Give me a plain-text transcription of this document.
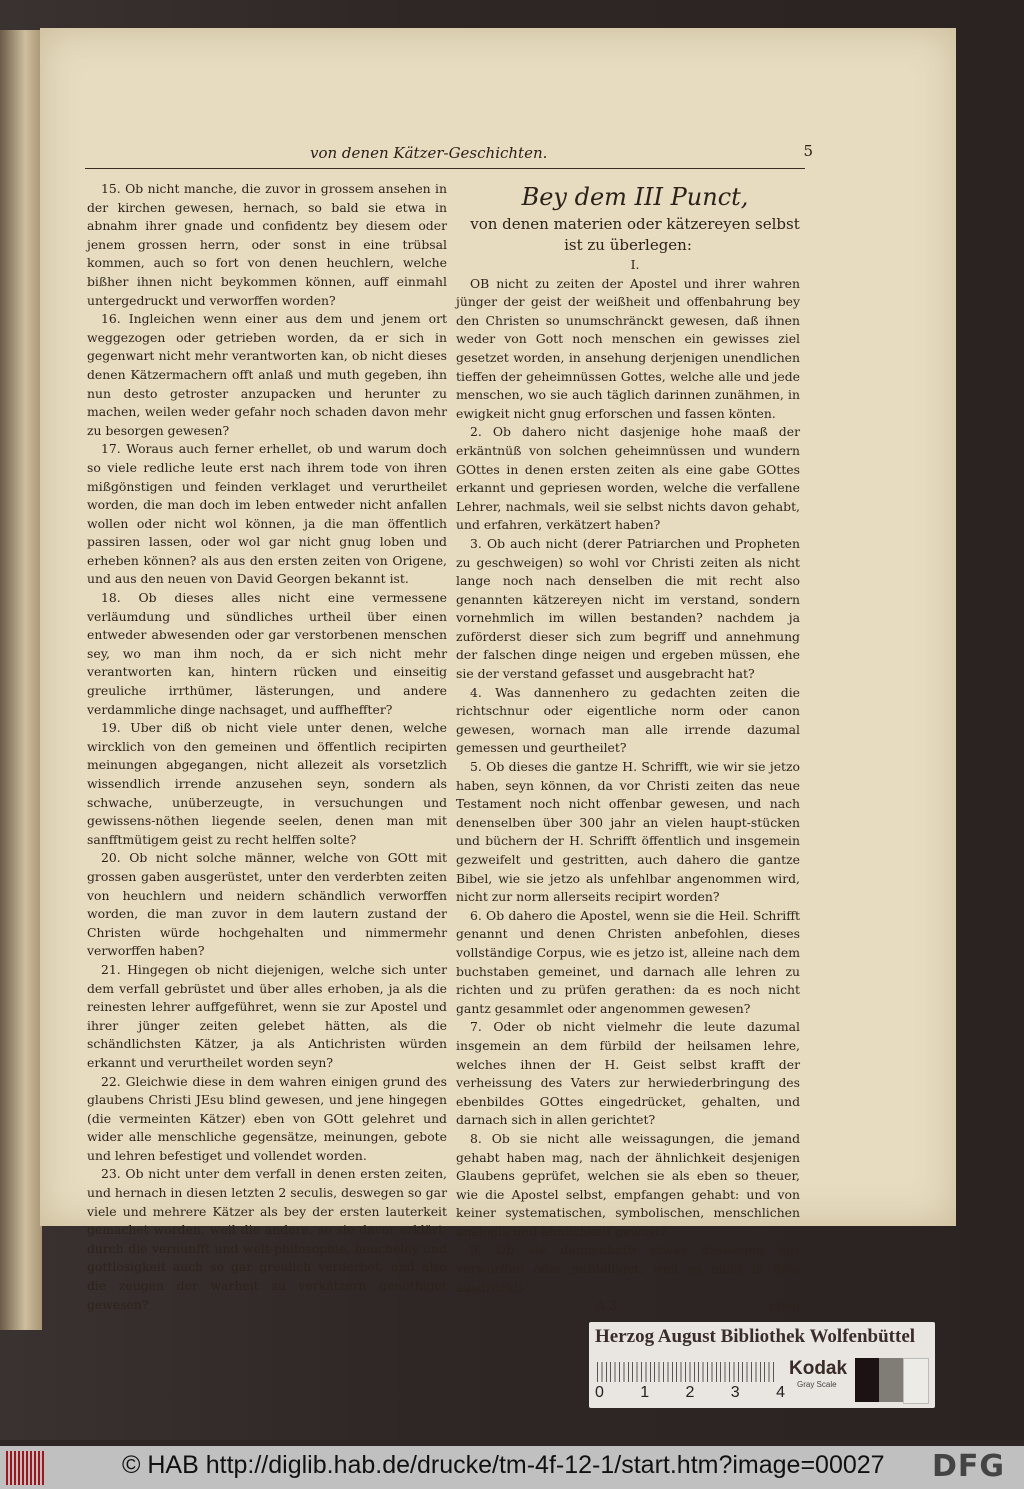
von denen Kätzer-Geschichten.	5

15. Ob nicht manche, die zuvor in grossem ansehen in der kirchen gewesen, hernach, so bald sie etwa in abnahm ihrer gnade und confidentz bey diesem oder jenem grossen herrn, oder sonst in eine trübsal kommen, auch so fort von denen heuchlern, welche bißher ihnen nicht beykommen können, auff einmahl untergedruckt und verworffen worden?

16. Ingleichen wenn einer aus dem und jenem ort weggezogen oder getrieben worden, da er sich in gegenwart nicht mehr verantworten kan, ob nicht dieses denen Kätzermachern offt anlaß und muth gegeben, ihn nun desto getroster anzupacken und herunter zu machen, weilen weder gefahr noch schaden davon mehr zu besorgen gewesen?

17. Woraus auch ferner erhellet, ob und warum doch so viele redliche leute erst nach ihrem tode von ihren mißgönstigen und feinden verklaget und verurtheilet worden, die man doch im leben entweder nicht anfallen wollen oder nicht wol können, ja die man öffentlich passiren lassen, oder wol gar nicht gnug loben und erheben können? als aus den ersten zeiten von Origene, und aus den neuen von David Georgen bekannt ist.

18. Ob dieses alles nicht eine vermessene verläumdung und sündliches urtheil über einen entweder abwesenden oder gar verstorbenen menschen sey, wo man ihm noch, da er sich nicht mehr verantworten kan, hintern rücken und einseitig greuliche irrthümer, lästerungen, und andere verdammliche dinge nachsaget, und auffheffter?

19. Uber diß ob nicht viele unter denen, welche wircklich von den gemeinen und öffentlich recipirten meinungen abgegangen, nicht allezeit als vorsetzlich wissendlich irrende anzusehen seyn, sondern als schwache, unüberzeugte, in versuchungen und gewissens-nöthen liegende seelen, denen man mit sanfftmütigem geist zu recht helffen solte?

20. Ob nicht solche männer, welche von GOtt mit grossen gaben ausgerüstet, unter den verderbten zeiten von heuchlern und neidern schändlich verworffen worden, die man zuvor in dem lautern zustand der Christen würde hochgehalten und nimmermehr verworffen haben?

21. Hingegen ob nicht diejenigen, welche sich unter dem verfall gebrüstet und über alles erhoben, ja als die reinesten lehrer auffgeführet, wenn sie zur Apostel und ihrer jünger zeiten gelebet hätten, als die schändlichsten Kätzer, ja als Antichristen würden erkannt und verurtheilet worden seyn?

22. Gleichwie diese in dem wahren einigen grund des glaubens Christi JEsu blind gewesen, und jene hingegen (die vermeinten Kätzer) eben von GOtt gelehret und wider alle menschliche gegensätze, meinungen, gebote und lehren befestiget und vollendet worden.

23. Ob nicht unter dem verfall in denen ersten zeiten, und hernach in diesen letzten 2 seculis, deswegen so gar viele und mehrere Kätzer als bey der ersten lauterkeit gemachet worden, weil die andere, so sie davor erklärt, durch die vernunfft und welt-philosophie, heucheley und gottlosigkeit auch so gar greulich verderbet, und also die zeugen der warheit zu verkätzern genöthiget gewesen?

Bey dem III Punct,

von denen materien oder kätzereyen selbst ist zu überlegen:

I.

OB nicht zu zeiten der Apostel und ihrer wahren jünger der geist der weißheit und offenbahrung bey den Christen so unumschränckt gewesen, daß ihnen weder von Gott noch menschen ein gewisses ziel gesetzet worden, in ansehung derjenigen unendlichen tieffen der geheimnüssen Gottes, welche alle und jede menschen, wo sie auch täglich darinnen zunähmen, in ewigkeit nicht gnug erforschen und fassen könten.

2. Ob dahero nicht dasjenige hohe maaß der erkäntnüß von solchen geheimnüssen und wundern GOttes in denen ersten zeiten als eine gabe GOttes erkannt und gepriesen worden, welche die verfallene Lehrer, nachmals, weil sie selbst nichts davon gehabt, und erfahren, verkätzert haben?

3. Ob auch nicht (derer Patriarchen und Propheten zu geschweigen) so wohl vor Christi zeiten als nicht lange noch nach denselben die mit recht also genannten kätzereyen nicht im verstand, sondern vornehmlich im willen bestanden? nachdem ja zuförderst dieser sich zum begriff und annehmung der falschen dinge neigen und ergeben müssen, ehe sie der verstand gefasset und ausgebracht hat?

4. Was dannenhero zu gedachten zeiten die richtschnur oder eigentliche norm oder canon gewesen, wornach man alle irrende dazumal gemessen und geurtheilet?

5. Ob dieses die gantze H. Schrifft, wie wir sie jetzo haben, seyn können, da vor Christi zeiten das neue Testament noch nicht offenbar gewesen, und nach denenselben über 300 jahr an vielen haupt-stücken und büchern der H. Schrifft öffentlich und insgemein gezweifelt und gestritten, auch dahero die gantze Bibel, wie sie jetzo als unfehlbar angenommen wird, nicht zur norm allerseits recipirt worden?

6. Ob dahero die Apostel, wenn sie die Heil. Schrifft genannt und denen Christen anbefohlen, dieses vollständige Corpus, wie es jetzo ist, alleine nach dem buchstaben gemeinet, und darnach alle lehren zu richten und zu prüfen gerathen: da es noch nicht gantz gesammlet oder angenommen gewesen?

7. Oder ob nicht vielmehr die leute dazumal insgemein an dem fürbild der heilsamen lehre, welches ihnen der H. Geist selbst krafft der verheissung des Vaters zur herwiederbringung des ebenbildes GOttes eingedrücket, gehalten, und darnach sich in allen gerichtet?

8. Ob sie nicht alle weissagungen, die jemand gehabt haben mag, nach der ähnlichkeit desjenigen Glaubens geprüfet, welchen sie als eben so theuer, wie die Apostel selbst, empfangen gehabt: und von keiner systematischen, symbolischen, menschlichen analogia und ähnlichkeit gewust?

9. Ob sie dannenhero etwas deswegen nur verworffen oder mißbilliget, weil es nicht in dem ausdrückli-

A 3	chen
Herzog August Bibliothek Wolfenbüttel
0 1 2 3 4
Kodak
Gray Scale
© HAB http://diglib.hab.de/drucke/tm-4f-12-1/start.htm?image=00027 DFG
